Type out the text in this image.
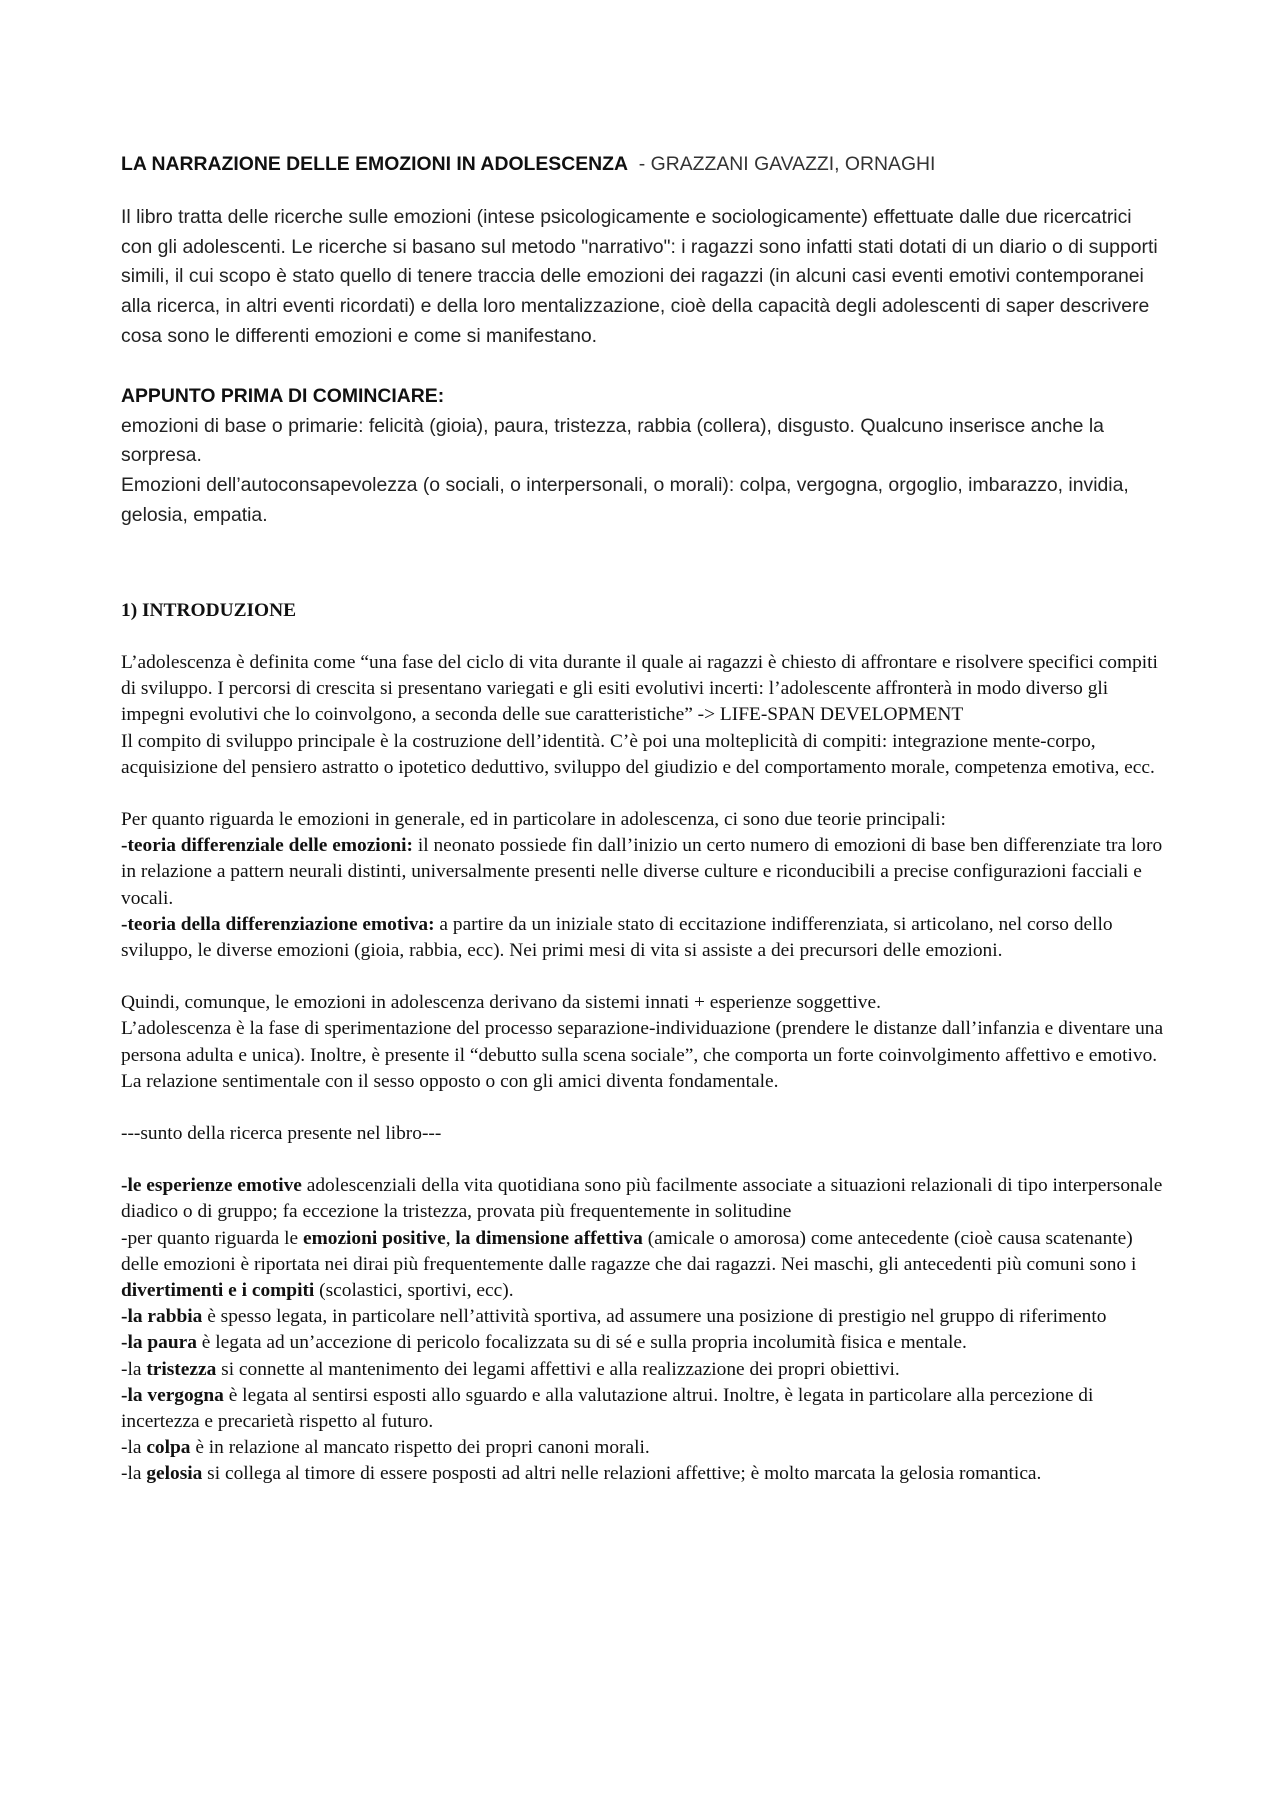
LA NARRAZIONE DELLE EMOZIONI IN ADOLESCENZA  - GRAZZANI GAVAZZI, ORNAGHI

Il libro tratta delle ricerche sulle emozioni (intese psicologicamente e sociologicamente) effettuate dalle due ricercatrici con gli adolescenti. Le ricerche si basano sul metodo "narrativo": i ragazzi sono infatti stati dotati di un diario o di supporti simili, il cui scopo è stato quello di tenere traccia delle emozioni dei ragazzi (in alcuni casi eventi emotivi contemporanei alla ricerca, in altri eventi ricordati) e della loro mentalizzazione, cioè della capacità degli adolescenti di saper descrivere cosa sono le differenti emozioni e come si manifestano.

APPUNTO PRIMA DI COMINCIARE:

emozioni di base o primarie: felicità (gioia), paura, tristezza, rabbia (collera), disgusto. Qualcuno inserisce anche la sorpresa.

Emozioni dell’autoconsapevolezza (o sociali, o interpersonali, o morali): colpa, vergogna, orgoglio, imbarazzo, invidia, gelosia, empatia.

1) INTRODUZIONE

L’adolescenza è definita come “una fase del ciclo di vita durante il quale ai ragazzi è chiesto di affrontare e risolvere specifici compiti di sviluppo. I percorsi di crescita si presentano variegati e gli esiti evolutivi incerti: l’adolescente affronterà in modo diverso gli impegni evolutivi che lo coinvolgono, a seconda delle sue caratteristiche” -> LIFE-SPAN DEVELOPMENT

Il compito di sviluppo principale è la costruzione dell’identità. C’è poi una molteplicità di compiti: integrazione mente-corpo, acquisizione del pensiero astratto o ipotetico deduttivo, sviluppo del giudizio e del comportamento morale, competenza emotiva, ecc.

Per quanto riguarda le emozioni in generale, ed in particolare in adolescenza, ci sono due teorie principali:

-teoria differenziale delle emozioni: il neonato possiede fin dall’inizio un certo numero di emozioni di base ben differenziate tra loro in relazione a pattern neurali distinti, universalmente presenti nelle diverse culture e riconducibili a precise configurazioni facciali e vocali.

-teoria della differenziazione emotiva: a partire da un iniziale stato di eccitazione indifferenziata, si articolano, nel corso dello sviluppo, le diverse emozioni (gioia, rabbia, ecc). Nei primi mesi di vita si assiste a dei precursori delle emozioni.

Quindi, comunque, le emozioni in adolescenza derivano da sistemi innati + esperienze soggettive.

L’adolescenza è la fase di sperimentazione del processo separazione-individuazione (prendere le distanze dall’infanzia e diventare una persona adulta e unica). Inoltre, è presente il “debutto sulla scena sociale”, che comporta un forte coinvolgimento affettivo e emotivo. La relazione sentimentale con il sesso opposto o con gli amici diventa fondamentale.

---sunto della ricerca presente nel libro---

-le esperienze emotive adolescenziali della vita quotidiana sono più facilmente associate a situazioni relazionali di tipo interpersonale diadico o di gruppo; fa eccezione la tristezza, provata più frequentemente in solitudine

-per quanto riguarda le emozioni positive, la dimensione affettiva (amicale o amorosa) come antecedente (cioè causa scatenante) delle emozioni è riportata nei dirai più frequentemente dalle ragazze che dai ragazzi. Nei maschi, gli antecedenti più comuni sono i divertimenti e i compiti (scolastici, sportivi, ecc).

-la rabbia è spesso legata, in particolare nell’attività sportiva, ad assumere una posizione di prestigio nel gruppo di riferimento

-la paura è legata ad un’accezione di pericolo focalizzata su di sé e sulla propria incolumità fisica e mentale.

-la tristezza si connette al mantenimento dei legami affettivi e alla realizzazione dei propri obiettivi.

-la vergogna è legata al sentirsi esposti allo sguardo e alla valutazione altrui. Inoltre, è legata in particolare alla percezione di incertezza e precarietà rispetto al futuro.

-la colpa è in relazione al mancato rispetto dei propri canoni morali.

-la gelosia si collega al timore di essere posposti ad altri nelle relazioni affettive; è molto marcata la gelosia romantica.
